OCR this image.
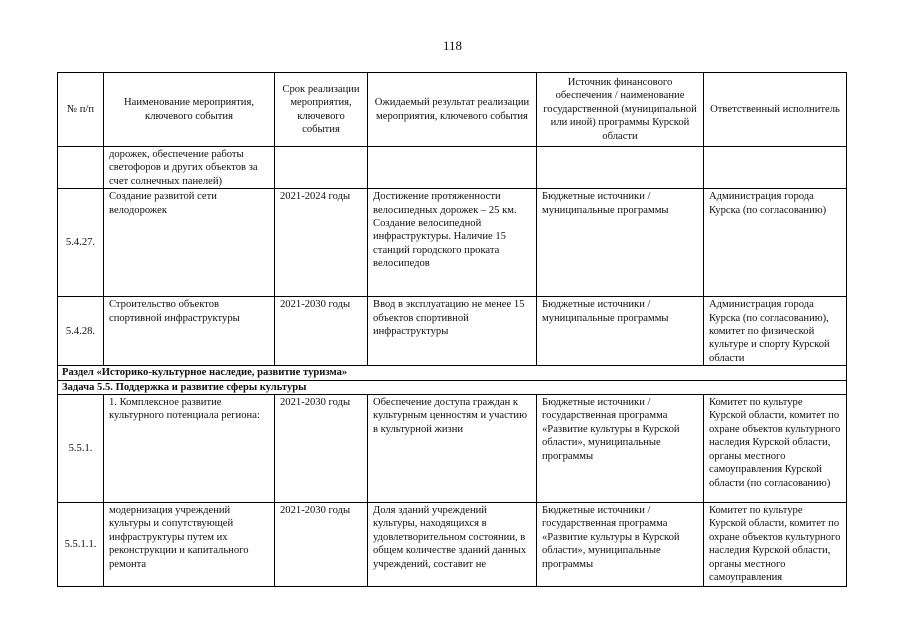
118
№ п/п	Наименование мероприятия, ключевого события	Срок реализации мероприятия, ключевого события	Ожидаемый результат реализации мероприятия, ключевого события	Источник финансового обеспечения / наименование государственной (муниципальной или иной) программы Курской области	Ответственный исполнитель
	дорожек, обеспечение работы светофоров и других объектов за счет солнечных панелей)				
5.4.27.	Создание развитой сети велодорожек	2021-2024 годы	Достижение протяженности велосипедных дорожек – 25 км. Создание велосипедной инфраструктуры. Наличие 15 станций городского проката велосипедов	Бюджетные источники / муниципальные программы	Администрация города Курска (по согласованию)
5.4.28.	Строительство объектов спортивной инфраструктуры	2021-2030 годы	Ввод в эксплуатацию не менее 15 объектов спортивной инфраструктуры	Бюджетные источники / муниципальные программы	Администрация города Курска (по согласованию), комитет по физической культуре и спорту Курской области
Раздел «Историко-культурное наследие, развитие туризма»					
Задача 5.5. Поддержка и развитие сферы культуры					
5.5.1.	1. Комплексное развитие культурного потенциала региона:	2021-2030 годы	Обеспечение доступа граждан к культурным ценностям и участию в культурной жизни	Бюджетные источники / государственная программа «Развитие культуры в Курской области», муниципальные программы	Комитет по культуре Курской области, комитет по охране объектов культурного наследия Курской области, органы местного самоуправления Курской области (по согласованию)
5.5.1.1.	модернизация учреждений культуры и сопутствующей инфраструктуры путем их реконструкции и капитального ремонта	2021-2030 годы	Доля зданий учреждений культуры, находящихся в удовлетворительном состоянии, в общем количестве зданий данных учреждений, составит не	Бюджетные источники / государственная программа «Развитие культуры в Курской области», муниципальные программы	Комитет по культуре Курской области, комитет по охране объектов культурного наследия Курской области, органы местного самоуправления
